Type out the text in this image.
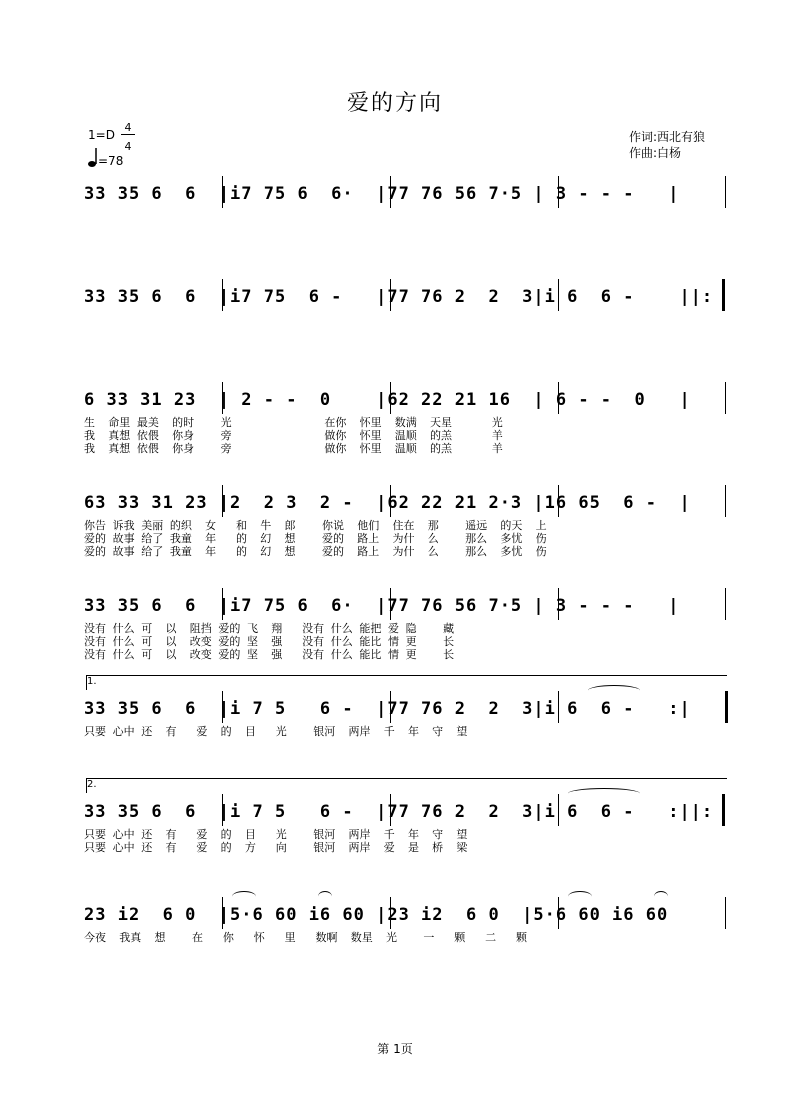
爱的方向
1=D
4
4
=78
作词:西北有狼
作曲:白杨
33 35 6  6  |i7 75 6  6·  |77 76 56 7·5 | 3 - - -   |
33 35 6  6  |i7 75  6 -   |77 76 2  2  3|i 6  6 -    ||:
6 33 31 23  | 2 - -  0    |62 22 21 16  | 6 - -  0   |
生  命里 最美  的时    光              在你  怀里  数满  天星      光
我  真想 依偎  你身    旁              做你  怀里  温顺  的羔      羊
我  真想 依偎  你身    旁              做你  怀里  温顺  的羔      羊
63 33 31 23 |2  2 3  2 -  |62 22 21 2·3 |16 65  6 -  |
你告 诉我 美丽 的织  女   和  牛  郎    你说  他们  住在  那    遥远  的天  上
爱的 故事 给了 我童  年   的  幻  想    爱的  路上  为什  么    那么  多忧  伤
爱的 故事 给了 我童  年   的  幻  想    爱的  路上  为什  么    那么  多忧  伤
33 35 6  6  |i7 75 6  6·  |77 76 56 7·5 | 3 - - -   |
没有 什么 可  以  阻挡 爱的 飞  翔   没有 什么 能把 爱 隐    藏
没有 什么 可  以  改变 爱的 坚  强   没有 什么 能比 情 更    长
没有 什么 可  以  改变 爱的 坚  强   没有 什么 能比 情 更    长
1.
33 35 6  6  |i 7 5   6 -  |77 76 2  2  3|i 6  6 -   :|
只要 心中 还  有   爱  的  目   光    银河  两岸  千  年  守  望
2.
33 35 6  6  |i 7 5   6 -  |77 76 2  2  3|i 6  6 -   :||:
只要 心中 还  有   爱  的  目   光    银河  两岸  千  年  守  望
只要 心中 还  有   爱  的  方   向    银河  两岸  爱  是  桥  梁
23 i2  6 0  |5·6 60 i6 60 |23 i2  6 0  |5·6 60 i6 60
今夜  我真  想    在   你   怀   里   数啊  数星  光    一   颗   二   颗
第 1页
